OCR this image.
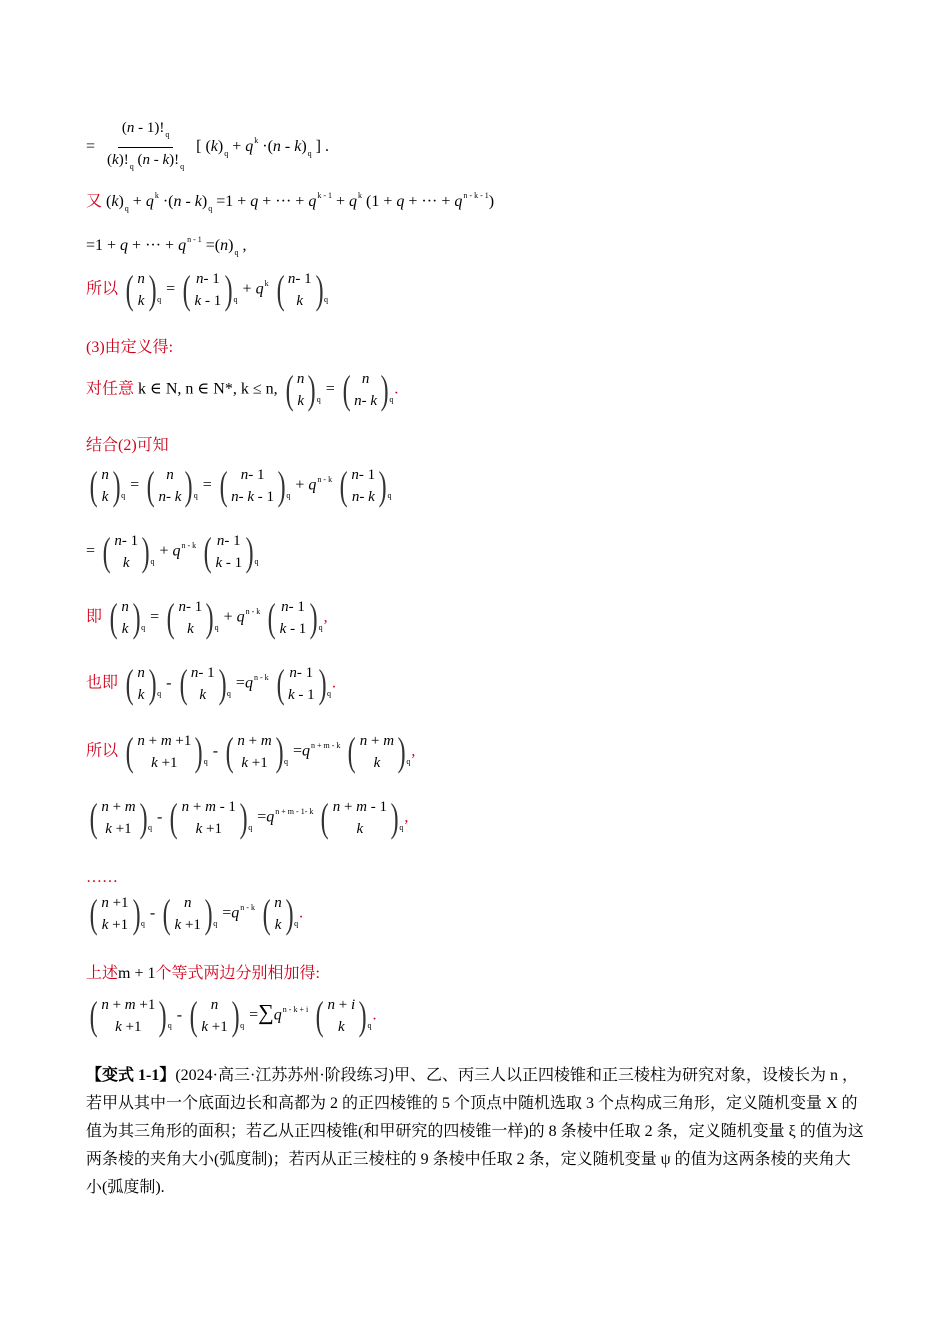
= $\frac{(n - 1)!_q}{(k)!_q (n - k)!_q}$ [ $(k)_q + q^k \cdot(n - k)_q$ ] .
又 $(k)_q + q^k \cdot(n - k)_q =1 + q$ + ··· + $q^{k - 1} + q^k$ (1 + q + ··· + $q^{n - k - 1}$)
=1 + q + ··· + $q^{n - 1} =(n)_q$ ,
所以 ( n
k ) q
= ( n- 1
k - 1 ) q
+ $q^k$ ( n- 1
k ) q
(3)由定义得:
对任意 k ∈ N, n ∈ N*, k ≤ n, ( n
k ) q
= ( n
n- k ) q
.
结合(2)可知
( n
k ) q
= ( n
n- k ) q
= ( n- 1
n- k - 1 ) q
+ $q^{n - k}$ ( n- 1
n- k ) q
= ( n- 1
k ) q
+ $q^{n - k}$ ( n- 1
k - 1 ) q
即 ( n
k ) q
= ( n- 1
k ) q
+ $q^{n - k}$ ( n- 1
k - 1 ) q
,
也即 ( n
k ) q
- ( n- 1
k ) q
$=q^{n - k}$ ( n- 1
k - 1 ) q
.
所以 ( n + m +1
k +1 ) q
- ( n + m
k +1 ) q
$=q^{n + m - k}$ ( n + m
k ) q
,
( n + m
k +1 ) q
- ( n + m - 1
k +1 ) q
$=q^{n + m - 1- k}$ ( n + m - 1
k ) q
,
……
( n +1
k +1 ) q
- ( n
k +1 ) q
$=q^{n - k}$ ( n
k ) q
.
上述m + 1个等式两边分别相加得:
( n + m +1
k +1 ) q
- ( n
k +1 ) q
$=\sum q^{n - k + i}$ ( n + i
k ) q
.
【变式 1-1】(2024·高三·江苏苏州·阶段练习)甲、乙、丙三人以正四棱锥和正三棱柱为研究对象，设棱长为 n ，若甲从其中一个底面边长和高都为 2 的正四棱锥的 5 个顶点中随机选取 3 个点构成三角形，定义随机变量 X 的值为其三角形的面积；若乙从正四棱锥(和甲研究的四棱锥一样)的 8 条棱中任取 2 条，定义随机变量 ξ 的值为这两条棱的夹角大小(弧度制)；若丙从正三棱柱的 9 条棱中任取 2 条，定义随机变量 ψ 的值为这两条棱的夹角大小(弧度制).
